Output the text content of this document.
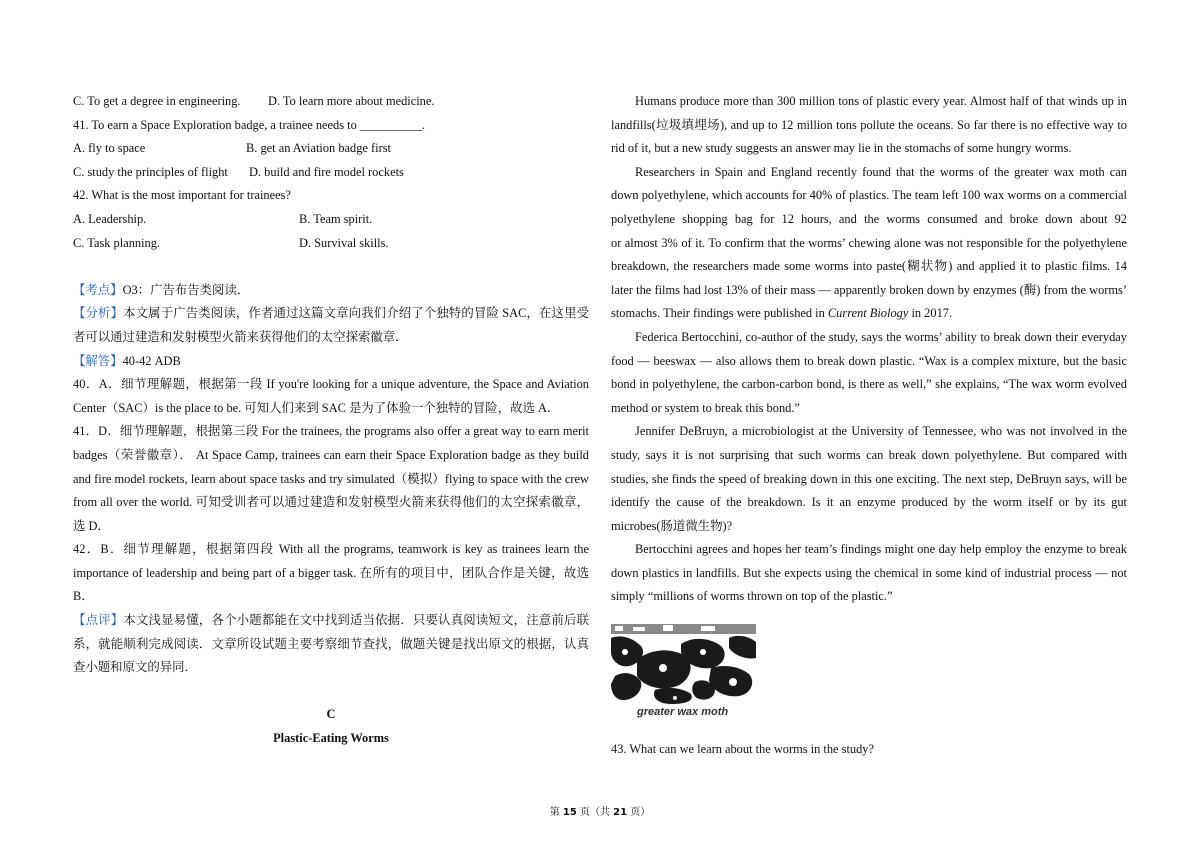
C. To get a degree in engineering. D. To learn more about medicine.
41. To earn a Space Exploration badge, a trainee needs to __________.
A. fly to space	B. get an Aviation badge first
C. study the principles of flight D. build and fire model rockets
42. What is the most important for trainees?
A. Leadership.	B. Team spirit.
C. Task planning.	D. Survival skills.
【考点】O3：广告布告类阅读．
【分析】本文属于广告类阅读，作者通过这篇文章向我们介绍了个独特的冒险 SAC，在这里受
者可以通过建造和发射模型火箭来获得他们的太空探索徽章．
【解答】40-42 ADB
40．A．细节理解题，根据第一段 If you're looking for a unique adventure, the Space and Aviation
Center（SAC）is the place to be. 可知人们来到 SAC 是为了体验一个独特的冒险，故选 A．
41．D．细节理解题，根据第三段 For the trainees, the programs also offer a great way to earn merit
badges（荣誉徽章）． At Space Camp, trainees can earn their Space Exploration badge as they build
and fire model rockets, learn about space tasks and try simulated（模拟）flying to space with the crew
from all over the world. 可知受训者可以通过建造和发射模型火箭来获得他们的太空探索徽章，
选 D．
42．B．细节理解题，根据第四段 With all the programs, teamwork is key as trainees learn the
importance of leadership and being part of a bigger task. 在所有的项目中，团队合作是关键，故选
B．
【点评】本文浅显易懂，各个小题都能在文中找到适当依据．只要认真阅读短文，注意前后联
系，就能顺利完成阅读．文章所设试题主要考察细节查找，做题关键是找出原文的根据，认真
查小题和原文的异同．
C
Plastic-Eating Worms
Humans produce more than 300 million tons of plastic every year. Almost half of that winds up in
landfills(垃圾填埋场), and up to 12 million tons pollute the oceans. So far there is no effective way to
rid of it, but a new study suggests an answer may lie in the stomachs of some hungry worms.
Researchers in Spain and England recently found that the worms of the greater wax moth can
down polyethylene, which accounts for 40% of plastics. The team left 100 wax worms on a commercial
polyethylene shopping bag for 12 hours, and the worms consumed and broke down about 92
or almost 3% of it. To confirm that the worms’ chewing alone was not responsible for the polyethylene
breakdown, the researchers made some worms into paste(糊状物) and applied it to plastic films. 14
later the films had lost 13% of their mass — apparently broken down by enzymes (酶) from the worms’
stomachs. Their findings were published in Current Biology in 2017.
Federica Bertocchini, co-author of the study, says the worms’ ability to break down their everyday
food — beeswax — also allows them to break down plastic. “Wax is a complex mixture, but the basic
bond in polyethylene, the carbon-carbon bond, is there as well,” she explains, “The wax worm evolved
method or system to break this bond.”
Jennifer DeBruyn, a microbiologist at the University of Tennessee, who was not involved in the
study, says it is not surprising that such worms can break down polyethylene. But compared with
studies, she finds the speed of breaking down in this one exciting. The next step, DeBruyn says, will be
identify the cause of the breakdown. Is it an enzyme produced by the worm itself or by its gut
microbes(肠道微生物)?
Bertocchini agrees and hopes her team’s findings might one day help employ the enzyme to break
down plastics in landfills. But she expects using the chemical in some kind of industrial process — not
simply “millions of worms thrown on top of the plastic.”
greater wax moth
43. What can we learn about the worms in the study?
第 15 页（共 21 页）
